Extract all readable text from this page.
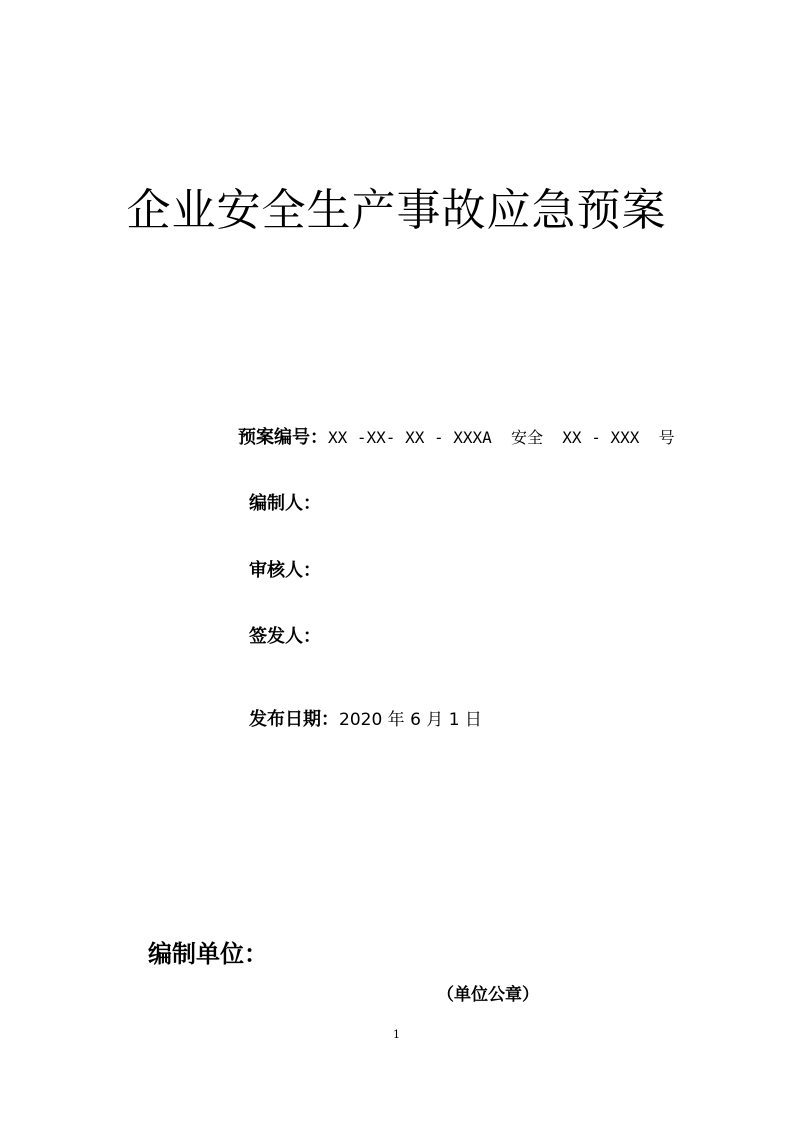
企业安全生产事故应急预案
预案编号：XX -XX- XX - XXXA  安全  XX - XXX  号
编制人：
审核人：
签发人：
发布日期：2020 年 6 月 1 日
编制单位：
（单位公章）
1
